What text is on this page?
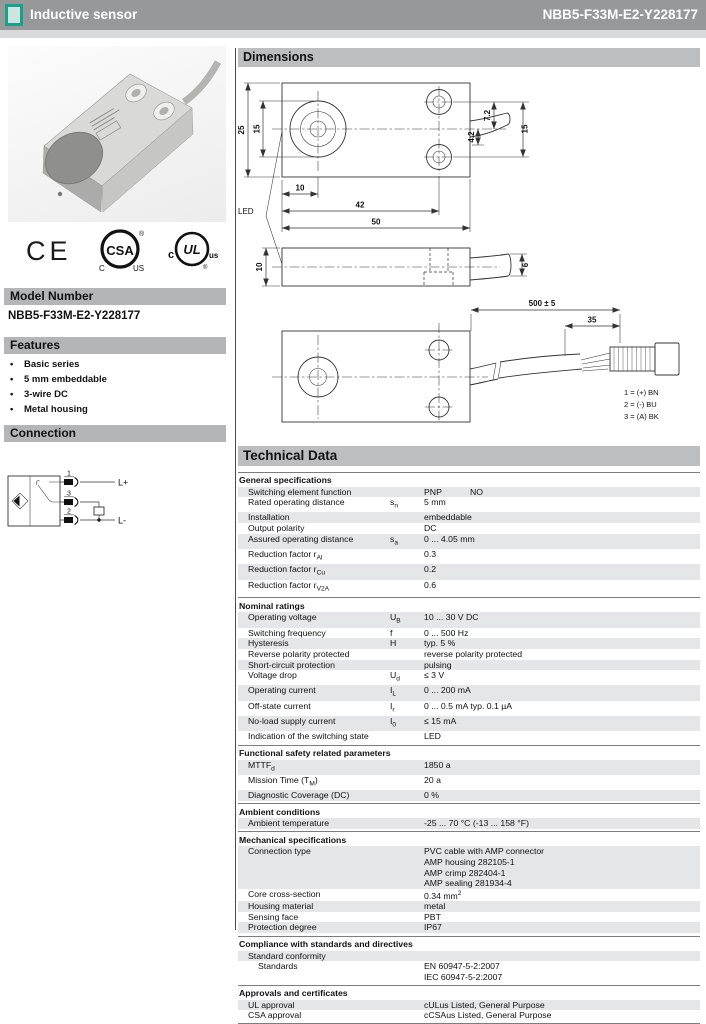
Inductive sensor	NBB5-F33M-E2-Y228177
CE	CSA
®
C	US
c UL us
®
Model Number
NBB5-F33M-E2-Y228177
Features
• Basic series
• 5 mm embeddable
• 3-wire DC
• Metal housing
Connection
1
3
2
L+
L-
Dimensions
25 15
10
42
50
7.2
4.2
15
LED
10	6
500 ± 5
35
1 = (+) BN
2 = (-) BU
3 = (A) BK
Technical Data
General specifications
Switching element function	PNP	NO
Rated operating distance	$s_n$	5 mm
Installation	embeddable
Output polarity	DC
Assured operating distance	$s_a$	0 ... 4.05 mm
Reduction factor $r_{Al}$	0.3
Reduction factor $r_{Cu}$	0.2
Reduction factor $r_{V2A}$	0.6
Nominal ratings
Operating voltage	$U_B$	10 ... 30 V DC
Switching frequency	f	0 ... 500 Hz
Hysteresis	H	typ. 5 %
Reverse polarity protected	reverse polarity protected
Short-circuit protection	pulsing
Voltage drop	$U_d$	≤ 3 V
Operating current	$I_L$	0 ... 200 mA
Off-state current	$I_r$	0 ... 0.5 mA typ. 0.1 µA
No-load supply current	$I_0$	≤ 15 mA
Indication of the switching state	LED
Functional safety related parameters
$MTTF_d$	1850 a
Mission Time $(T_M)$	20 a
Diagnostic Coverage (DC)	0 %
Ambient conditions
Ambient temperature	-25 ... 70 °C (-13 ... 158 °F)
Mechanical specifications
Connection type	PVC cable with AMP connector
AMP housing 282105-1
AMP crimp 282404-1
AMP sealing 281934-4
Core cross-section	0.34 $mm^2$
Housing material	metal
Sensing face	PBT
Protection degree	IP67
Compliance with standards and directives
Standard conformity
Standards	EN 60947-5-2:2007
IEC 60947-5-2:2007
Approvals and certificates
UL approval	cULus Listed, General Purpose
CSA approval	cCSAus Listed, General Purpose
